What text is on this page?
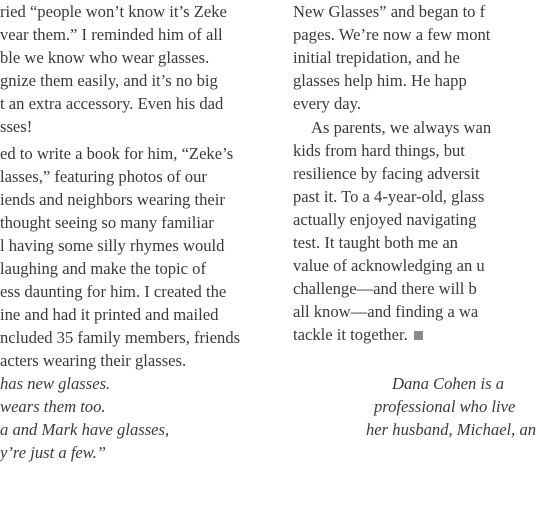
ried “people won’t know it’s Zeke
vear them.” I reminded him of all
ble we know who wear glasses.
gnize them easily, and it’s no big
t an extra accessory. Even his dad
sses!
ed to write a book for him, “Zeke’s
lasses,” featuring photos of our
iends and neighbors wearing their
thought seeing so many familiar
l having some silly rhymes would
laughing and make the topic of
ess daunting for him. I created the
ine and had it printed and mailed
ncluded 35 family members, friends
acters wearing their glasses.
has new glasses.
wears them too.
a and Mark have glasses,
y’re just a few.”
New Glasses” and began to f
pages. We’re now a few mont
initial trepidation, and he
glasses help him. He happ
every day.
As parents, we always wan
kids from hard things, but
resilience by facing adversit
past it. To a 4-year-old, glass
actually enjoyed navigating
test. It taught both me an
value of acknowledging an u
challenge—and there will b
all know—and finding a wa
tackle it together.
Dana Cohen is a
professional who live
her husband, Michael, an
